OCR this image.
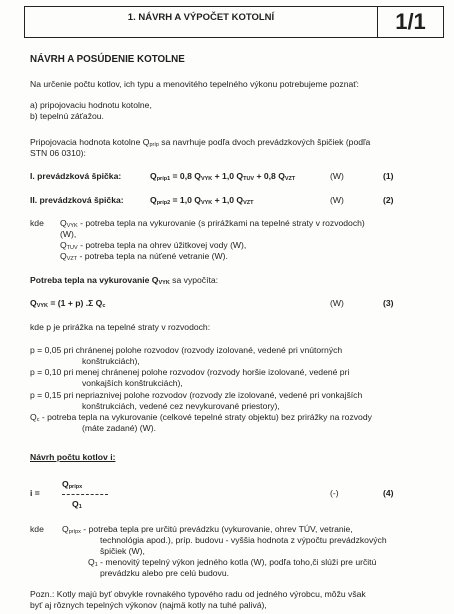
1. NÁVRH A VÝPOČET KOTOLNÍ	1/1
NÁVRH A POSÚDENIE KOTOLNE
Na určenie počtu kotlov, ich typu a menovitého tepelného výkonu potrebujeme poznať:
a) pripojovaciu hodnotu kotolne,
b) tepelnú záťažou.
Pripojovacia hodnota kotolne $Q_{príp}$ sa navrhuje podľa dvoch prevádzkových špičiek (podľa
STN 06 0310):
I. prevádzková špička:	$Q_{príp1} = 0,8$ $Q_{VYK} + 1,0$ $Q_{TUV} + 0,8$ $Q_{VZT}$	(W)	(1)
II. prevádzková špička:	$Q_{príp2} = 1,0$ $Q_{VYK} + 1,0$ $Q_{VZT}$	(W)	(2)
kde $Q_{VYK}$ - potreba tepla na vykurovanie (s prirážkami na tepelné straty v rozvodoch)
(W),
$Q_{TUV}$ - potreba tepla na ohrev úžitkovej vody (W),
$Q_{VZT}$ - potreba tepla na núťené vetranie (W).
Potreba tepla na vykurovanie $Q_{VYK}$ sa vypočíta:
$Q_{VYK} = (1 + p)$ .Σ $Q_c$	(W)	(3)
kde p je prirážka na tepelné straty v rozvodoch:
p = 0,05 pri chránenej polohe rozvodov (rozvody izolované, vedené pri vnútorných
konštrukciách),
p = 0,10 pri menej chránenej polohe rozvodov (rozvody horšie izolované, vedené pri
vonkajších konštrukciách),
p = 0,15 pri nepriaznivej polohe rozvodov (rozvody zle izolované, vedené pri vonkajších
konštrukciách, vedené cez nevykurované priestory),
$Q_c$ - potreba tepla na vykurovanie (celkové tepelné straty objektu) bez prirážky na rozvody
(máte zadané) (W).
Návrh počtu kotlov i:
$Q_{prípx}$
i =
$Q_1$
(-)	(4)
kde $Q_{prípx}$ - potreba tepla pre určitú prevádzku (vykurovanie, ohrev TÚV, vetranie,
technológia apod.), príp. budovu - vyššia hodnota z výpočtu prevádzkových
špičiek (W),
$Q_1$ - menovitý tepelný výkon jedného kotla (W), podľa toho,či slúži pre určitú
prevádzku alebo pre celú budovu.
Pozn.: Kotly majú byť obvykle rovnakého typového radu od jedného výrobcu, môžu však
byť aj rôznych tepelných výkonov (najmä kotly na tuhé palivá),
